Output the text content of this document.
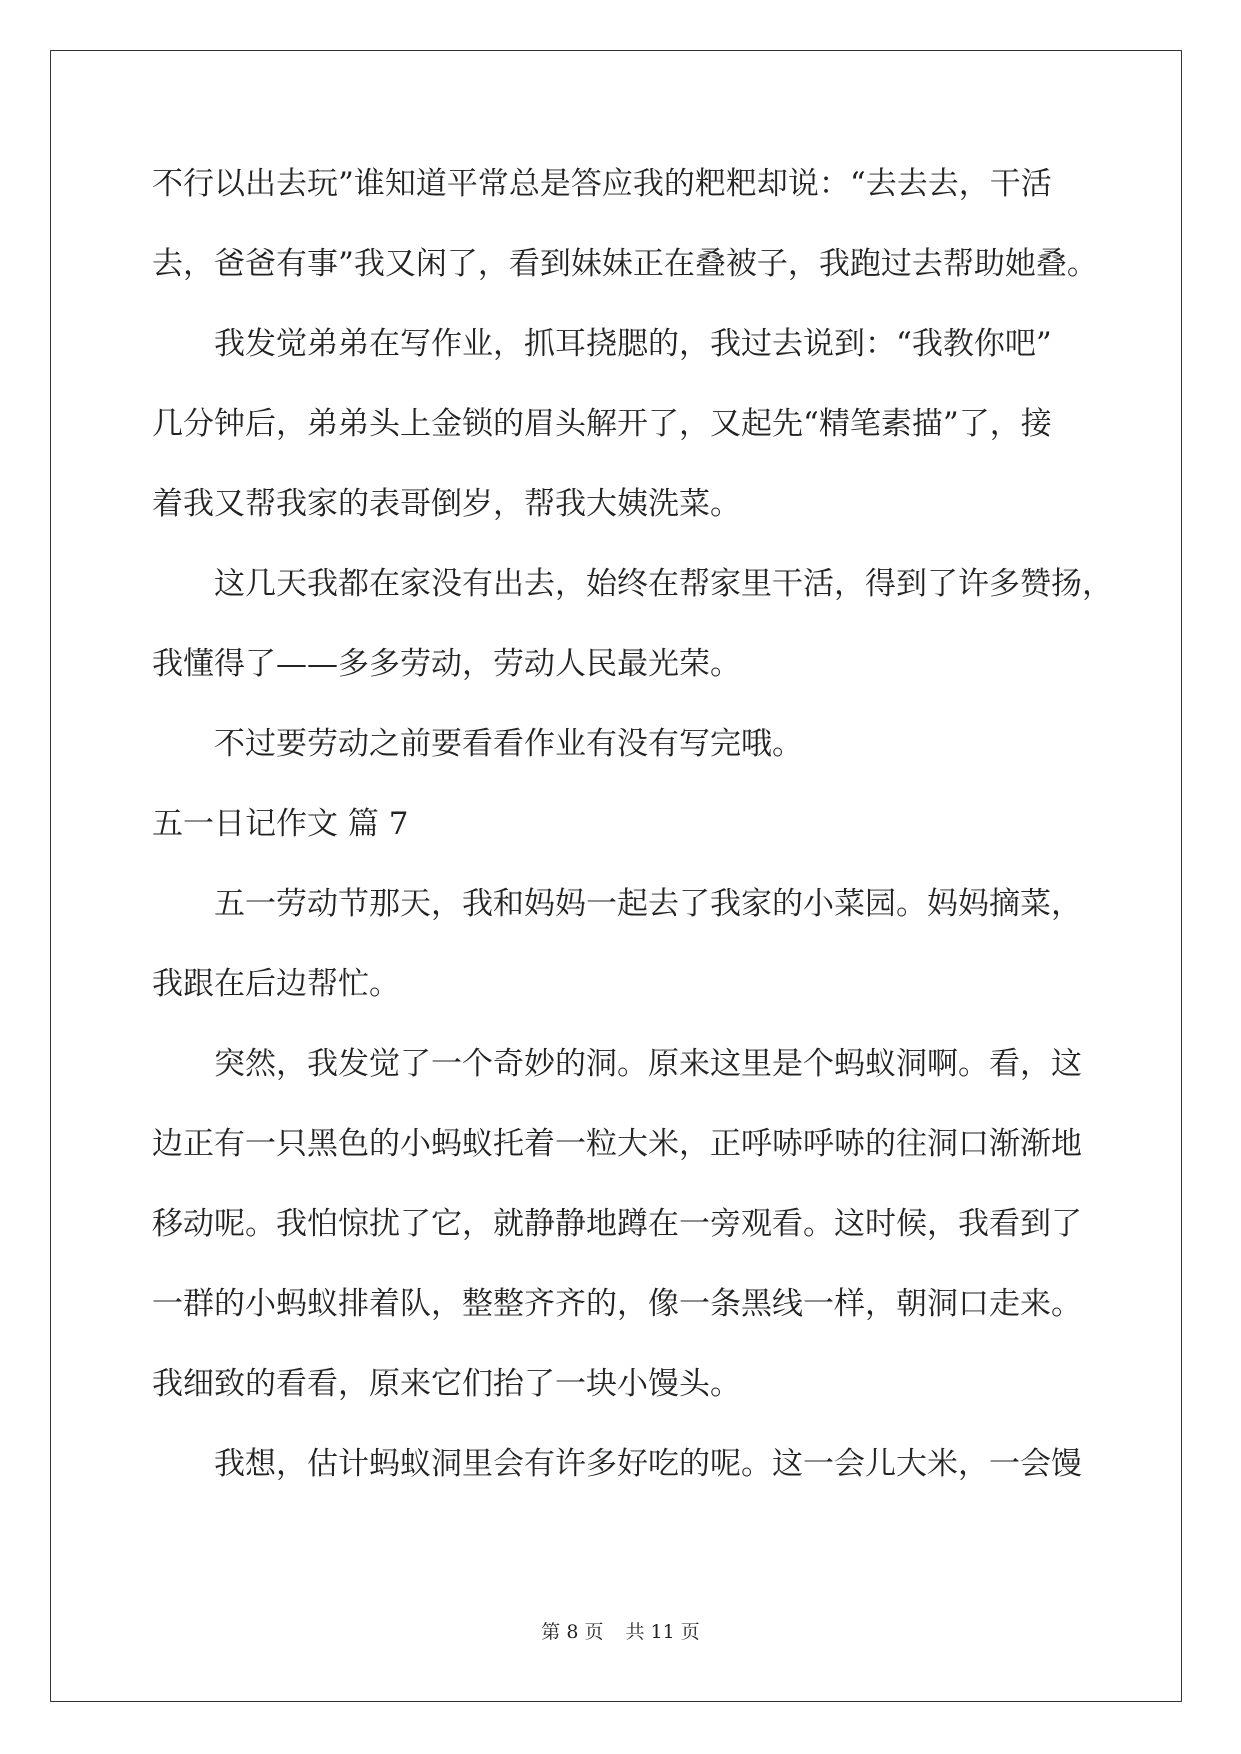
不行以出去玩”谁知道平常总是答应我的粑粑却说：“去去去，干活
去，爸爸有事”我又闲了，看到妹妹正在叠被子，我跑过去帮助她叠。
我发觉弟弟在写作业，抓耳挠腮的，我过去说到：“我教你吧”
几分钟后，弟弟头上金锁的眉头解开了，又起先“精笔素描”了，接
着我又帮我家的表哥倒岁，帮我大姨洗菜。
这几天我都在家没有出去，始终在帮家里干活，得到了许多赞扬，
我懂得了——多多劳动，劳动人民最光荣。
不过要劳动之前要看看作业有没有写完哦。
五一日记作文 篇 7
五一劳动节那天，我和妈妈一起去了我家的小菜园。妈妈摘菜，
我跟在后边帮忙。
突然，我发觉了一个奇妙的洞。原来这里是个蚂蚁洞啊。看，这
边正有一只黑色的小蚂蚁托着一粒大米，正呼哧呼哧的往洞口渐渐地
移动呢。我怕惊扰了它，就静静地蹲在一旁观看。这时候，我看到了
一群的小蚂蚁排着队，整整齐齐的，像一条黑线一样，朝洞口走来。
我细致的看看，原来它们抬了一块小馒头。
我想，估计蚂蚁洞里会有许多好吃的呢。这一会儿大米，一会馒
第 8 页 共 11 页
